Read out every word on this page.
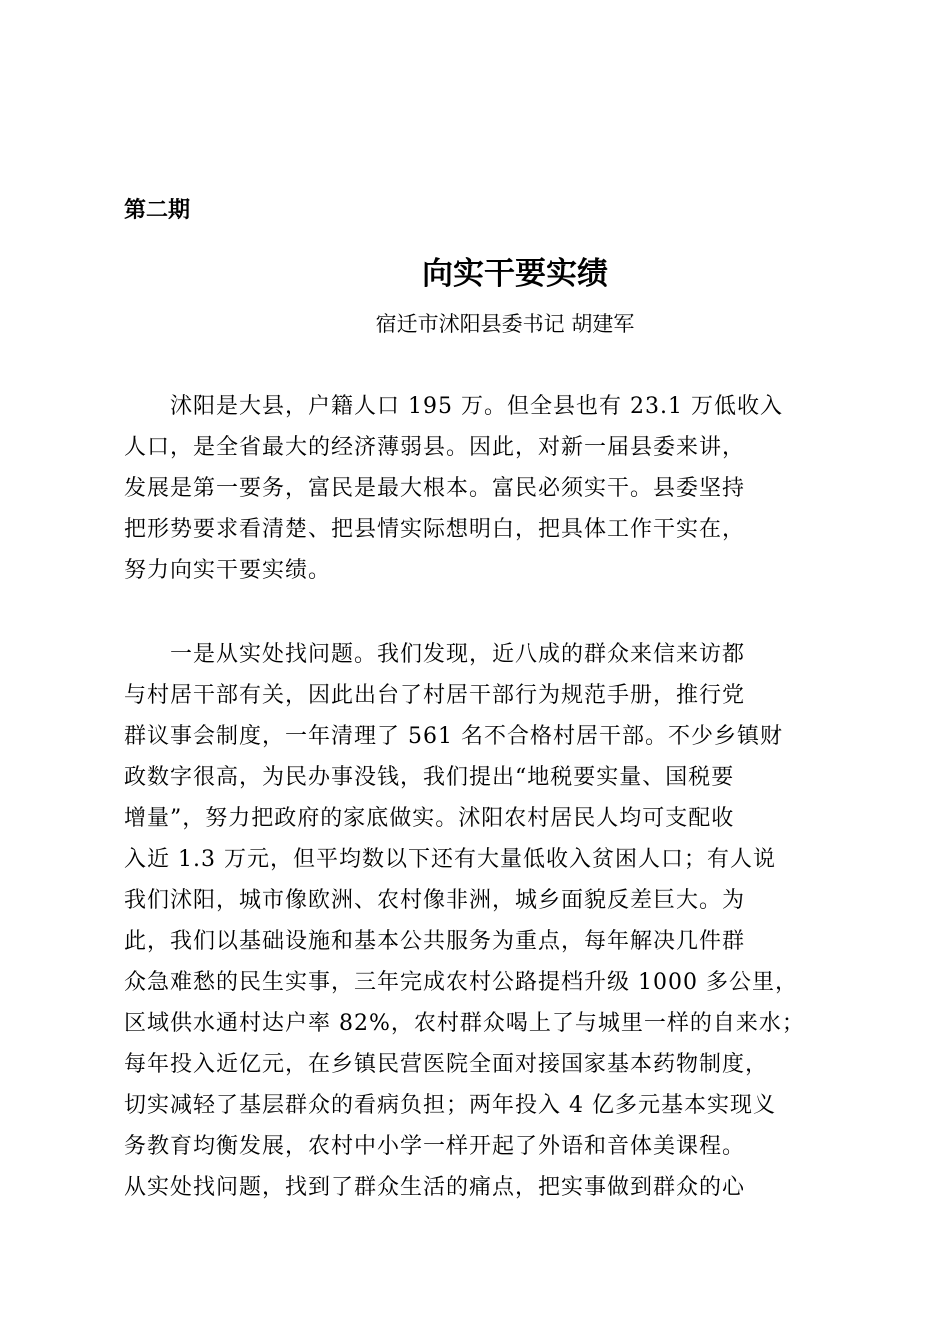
第二期

向实干要实绩

宿迁市沭阳县委书记 胡建军

　　沭阳是大县，户籍人口 195 万。但全县也有 23.1 万低收入
人口，是全省最大的经济薄弱县。因此，对新一届县委来讲，
发展是第一要务，富民是最大根本。富民必须实干。县委坚持
把形势要求看清楚、把县情实际想明白，把具体工作干实在，
努力向实干要实绩。

　　一是从实处找问题。我们发现，近八成的群众来信来访都
与村居干部有关，因此出台了村居干部行为规范手册，推行党
群议事会制度，一年清理了 561 名不合格村居干部。不少乡镇财
政数字很高，为民办事没钱，我们提出“地税要实量、国税要
增量”，努力把政府的家底做实。沭阳农村居民人均可支配收
入近 1.3 万元，但平均数以下还有大量低收入贫困人口；有人说
我们沭阳，城市像欧洲、农村像非洲，城乡面貌反差巨大。为
此，我们以基础设施和基本公共服务为重点，每年解决几件群
众急难愁的民生实事，三年完成农村公路提档升级 1000 多公里，
区域供水通村达户率 82%，农村群众喝上了与城里一样的自来水；
每年投入近亿元，在乡镇民营医院全面对接国家基本药物制度，
切实减轻了基层群众的看病负担；两年投入 4 亿多元基本实现义
务教育均衡发展，农村中小学一样开起了外语和音体美课程。
从实处找问题，找到了群众生活的痛点，把实事做到群众的心
